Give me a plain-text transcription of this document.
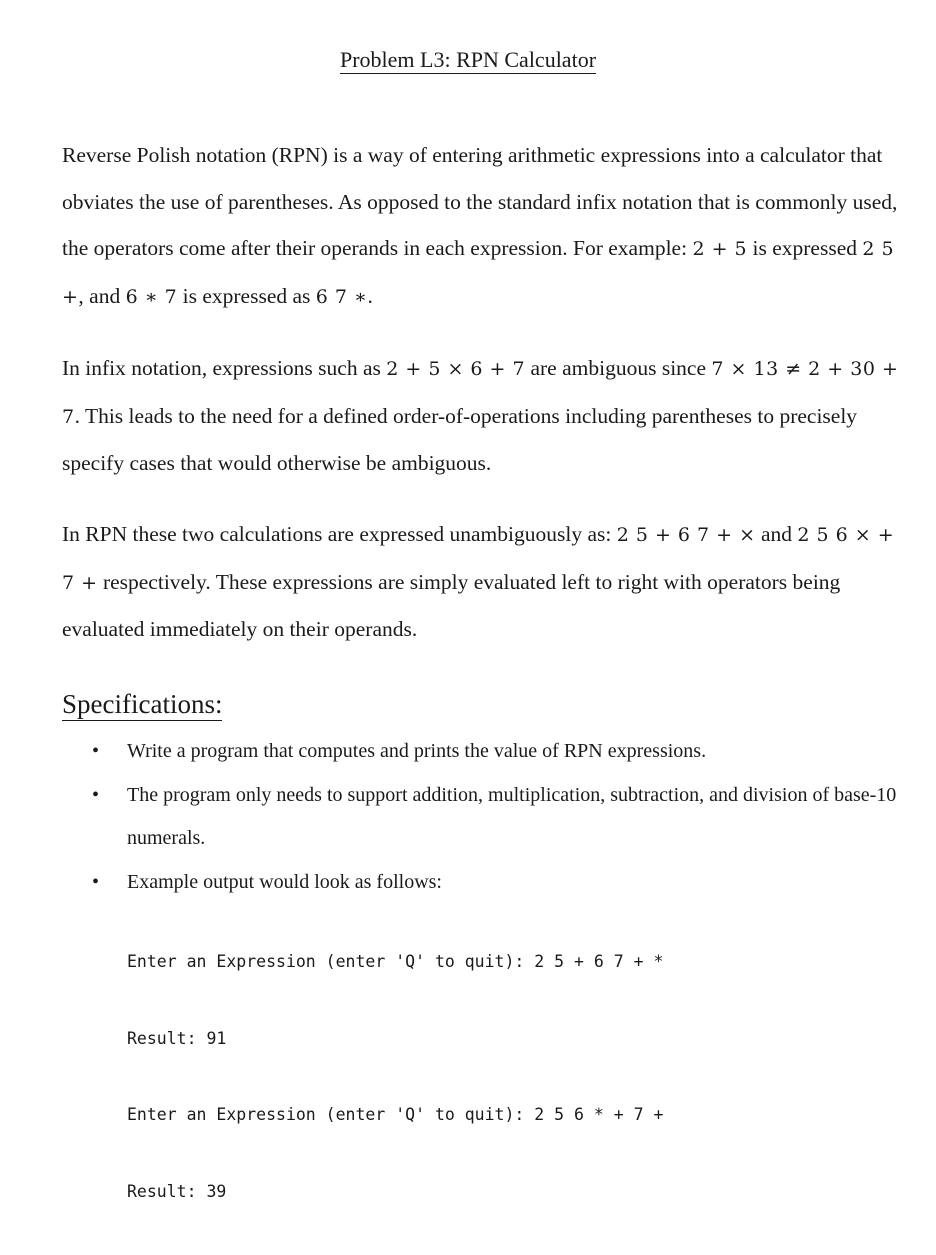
Problem L3: RPN Calculator

Reverse Polish notation (RPN) is a way of entering arithmetic expressions into a calculator that obviates the use of parentheses. As opposed to the standard infix notation that is commonly used, the operators come after their operands in each expression. For example: 2 + 5 is expressed 2 5 +, and 6 ∗ 7 is expressed as 6 7 ∗.

In infix notation, expressions such as 2 + 5 × 6 + 7 are ambiguous since 7 × 13 ≠ 2 + 30 + 7. This leads to the need for a defined order-of-operations including parentheses to precisely specify cases that would otherwise be ambiguous.

In RPN these two calculations are expressed unambiguously as: 2 5 + 6 7 + × and 2 5 6 × + 7 + respectively. These expressions are simply evaluated left to right with operators being evaluated immediately on their operands.

Specifications:
• Write a program that computes and prints the value of RPN expressions.
• The program only needs to support addition, multiplication, subtraction, and division of base-10 numerals.
• Example output would look as follows:

Enter an Expression (enter 'Q' to quit): 2 5 + 6 7 + *

Result: 91

Enter an Expression (enter 'Q' to quit): 2 5 6 * + 7 +

Result: 39
